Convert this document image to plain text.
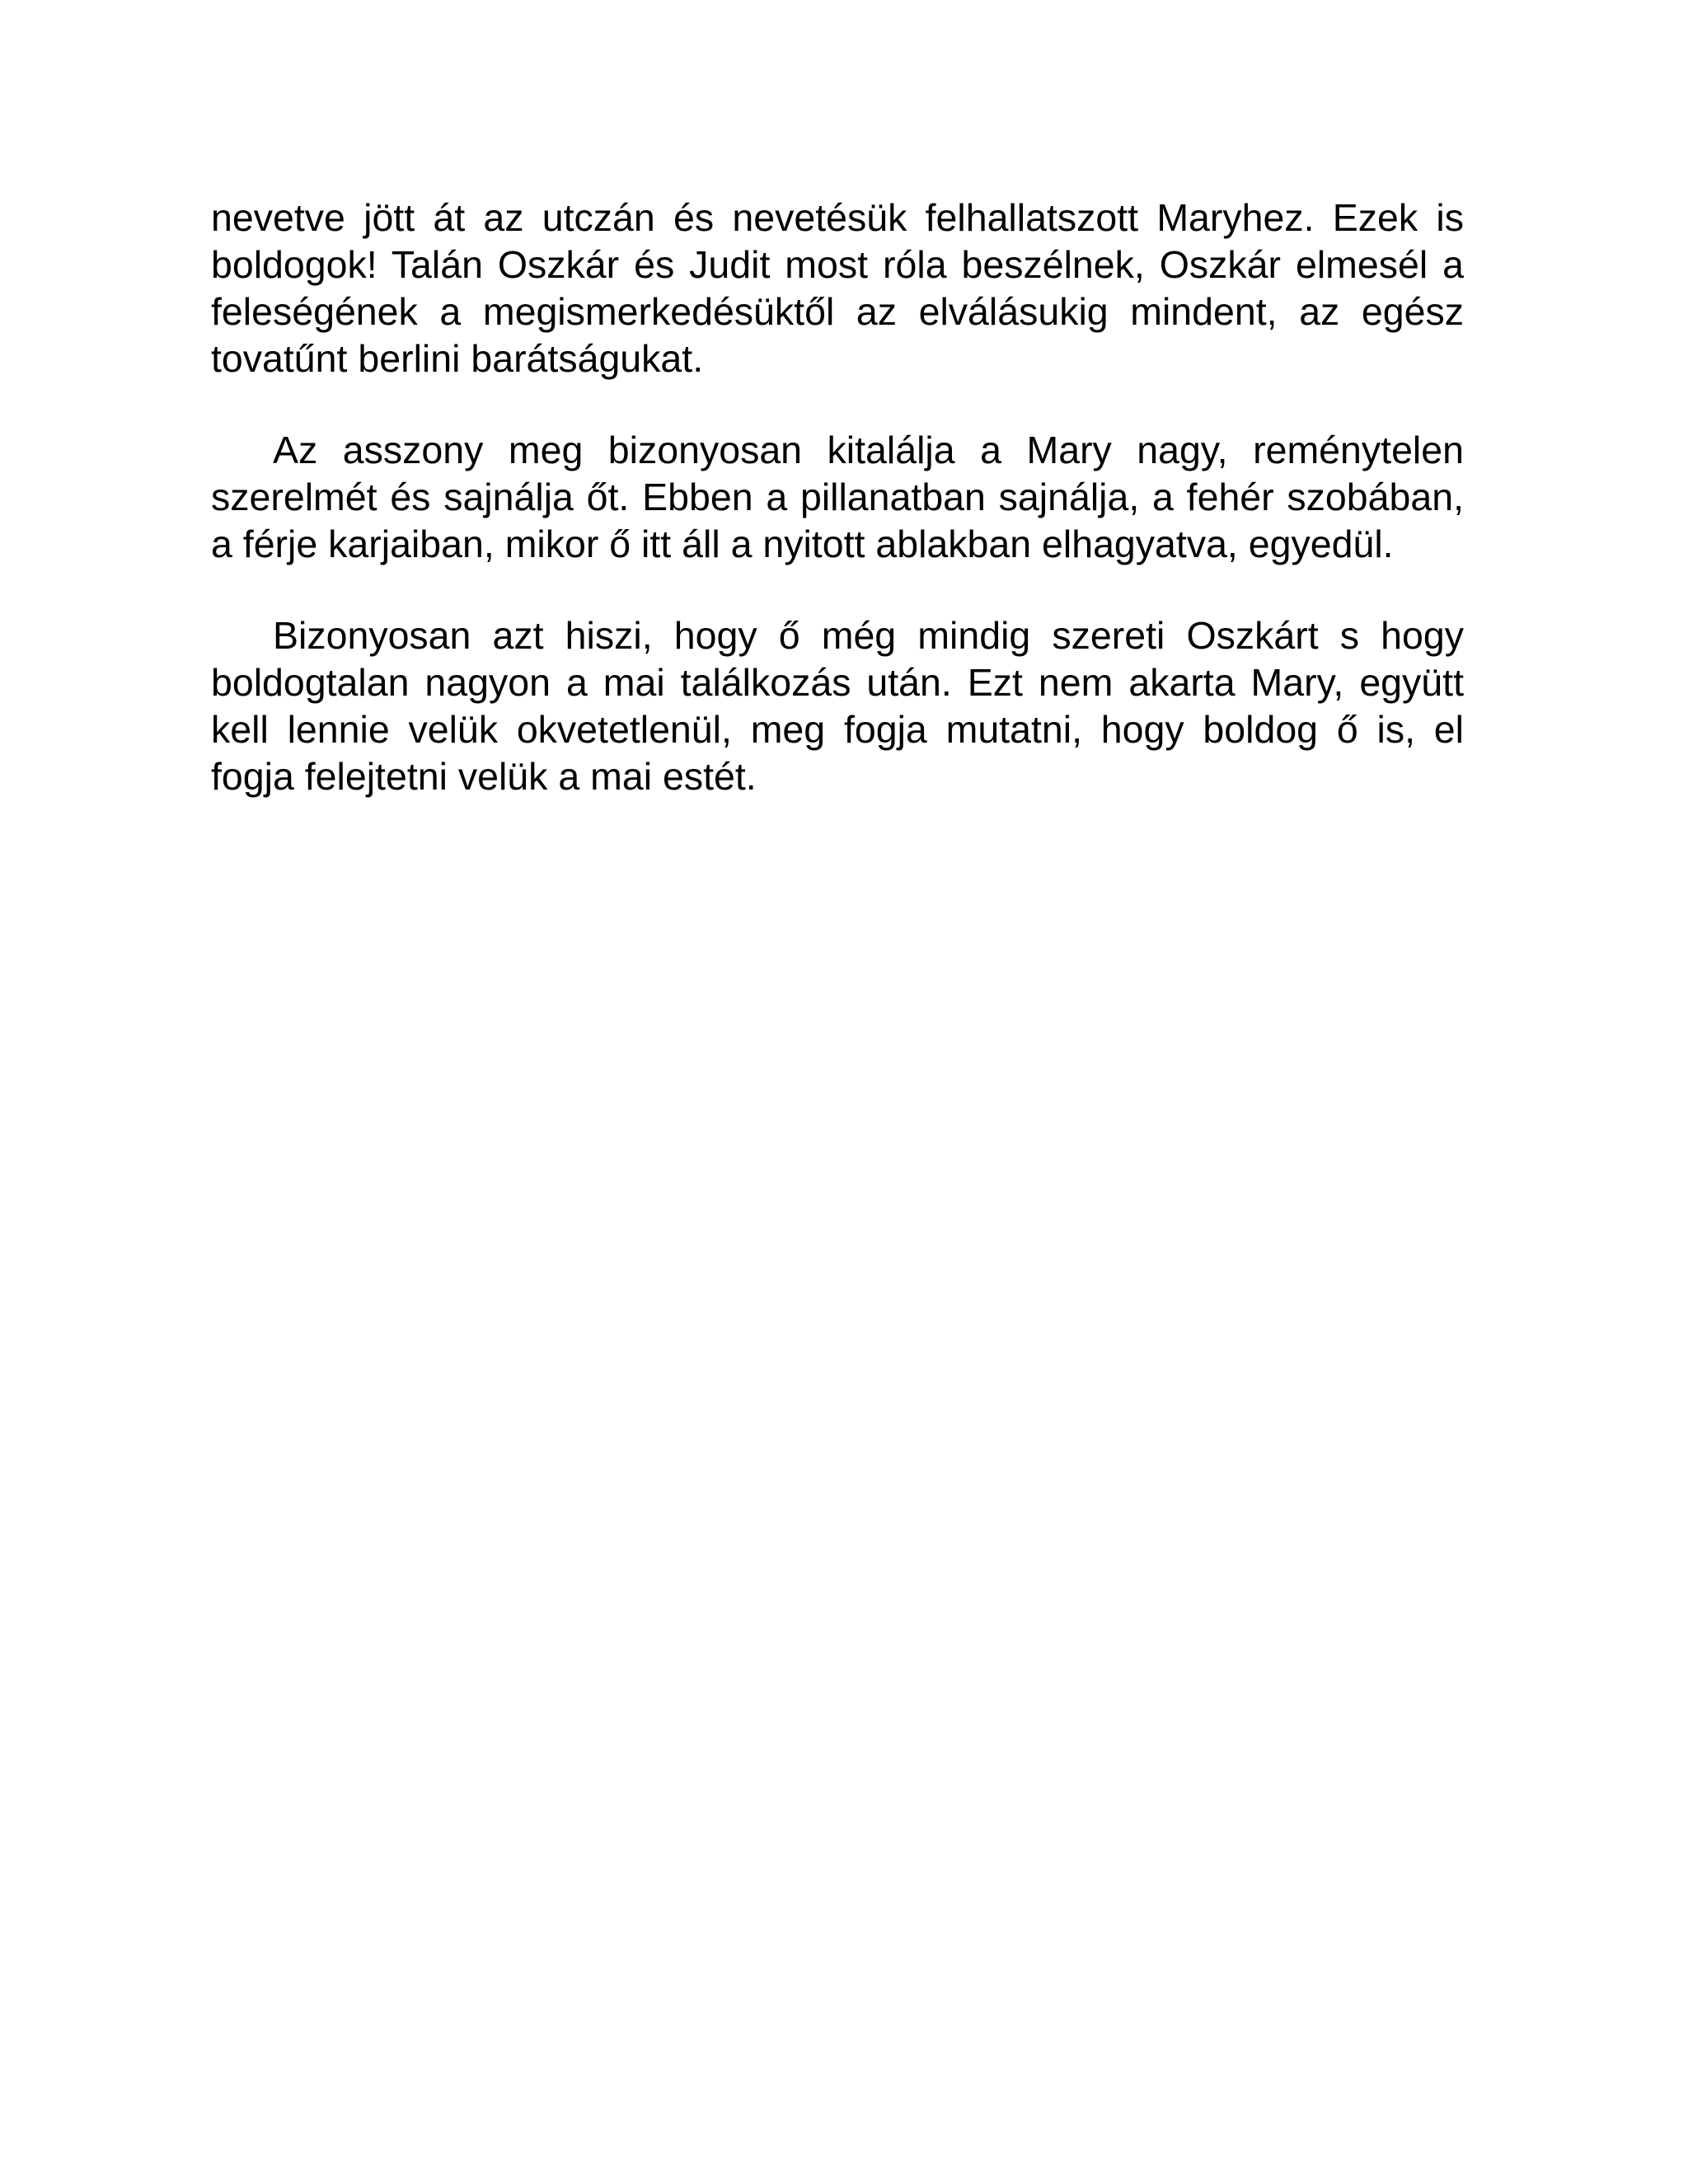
nevetve jött át az utczán és nevetésük felhallatszott Maryhez. Ezek is boldogok! Talán Oszkár és Judit most róla beszélnek, Oszkár elmesél a feleségének a megismerkedésüktől az elválásukig mindent, az egész tovatűnt berlini barátságukat.

Az asszony meg bizonyosan kitalálja a Mary nagy, reménytelen szerelmét és sajnálja őt. Ebben a pillanatban sajnálja, a fehér szobában, a férje karjaiban, mikor ő itt áll a nyitott ablakban elhagyatva, egyedül.

Bizonyosan azt hiszi, hogy ő még mindig szereti Oszkárt s hogy boldogtalan nagyon a mai találkozás után. Ezt nem akarta Mary, együtt kell lennie velük okvetetlenül, meg fogja mutatni, hogy boldog ő is, el fogja felejtetni velük a mai estét.
